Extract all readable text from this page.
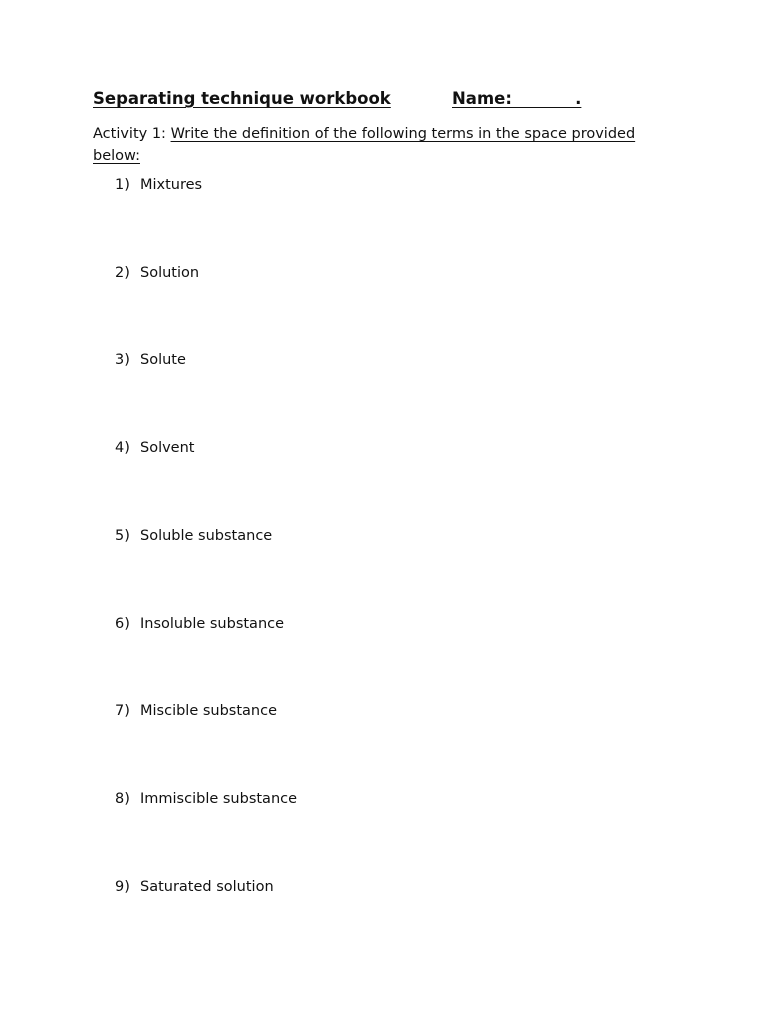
Separating technique workbook	Name:           .
Activity 1: Write the definition of the following terms in the space provided below:
1) Mixtures
2) Solution
3) Solute
4) Solvent
5) Soluble substance
6) Insoluble substance
7) Miscible substance
8) Immiscible substance
9) Saturated solution
